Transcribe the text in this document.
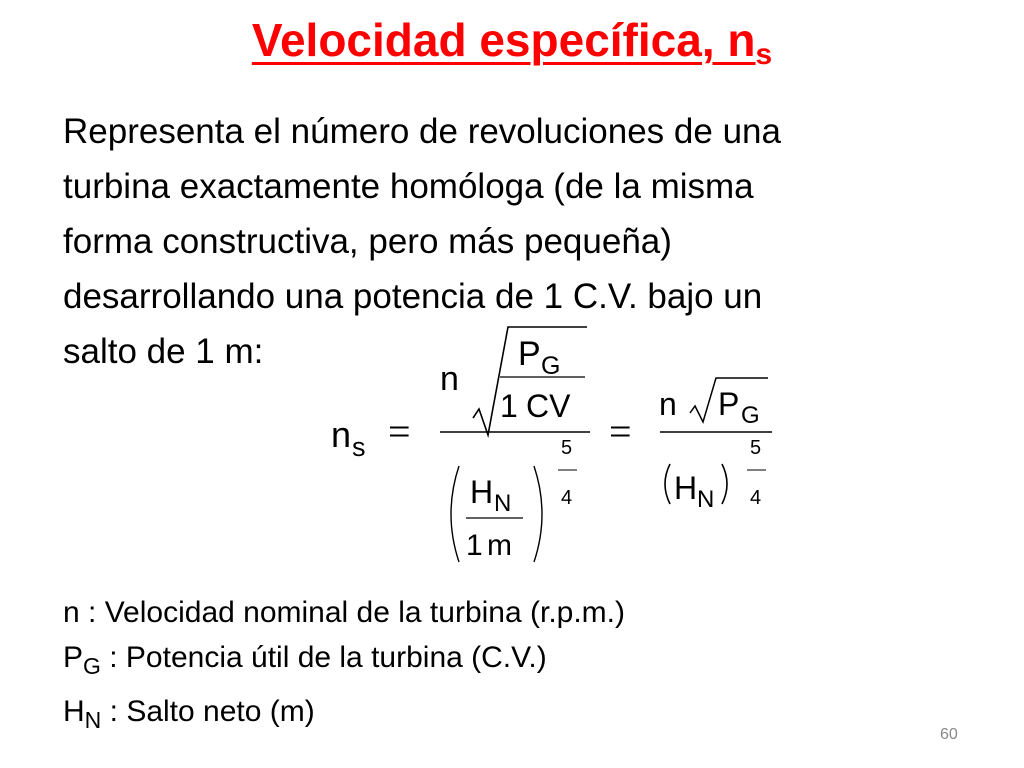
Velocidad específica, $n_s$
Representa el número de revoluciones de una
turbina exactamente homóloga (de la misma
forma constructiva, pero más pequeña)
desarrollando una potencia de 1 C.V. bajo un
salto de 1 m:
n s =
n
P G
1 CV
H N
1 m
5
4
=
n P G
H N
5
4
n : Velocidad nominal de la turbina (r.p.m.)
$P_G$ : Potencia útil de la turbina (C.V.)
$H_N$ : Salto neto (m)
60
